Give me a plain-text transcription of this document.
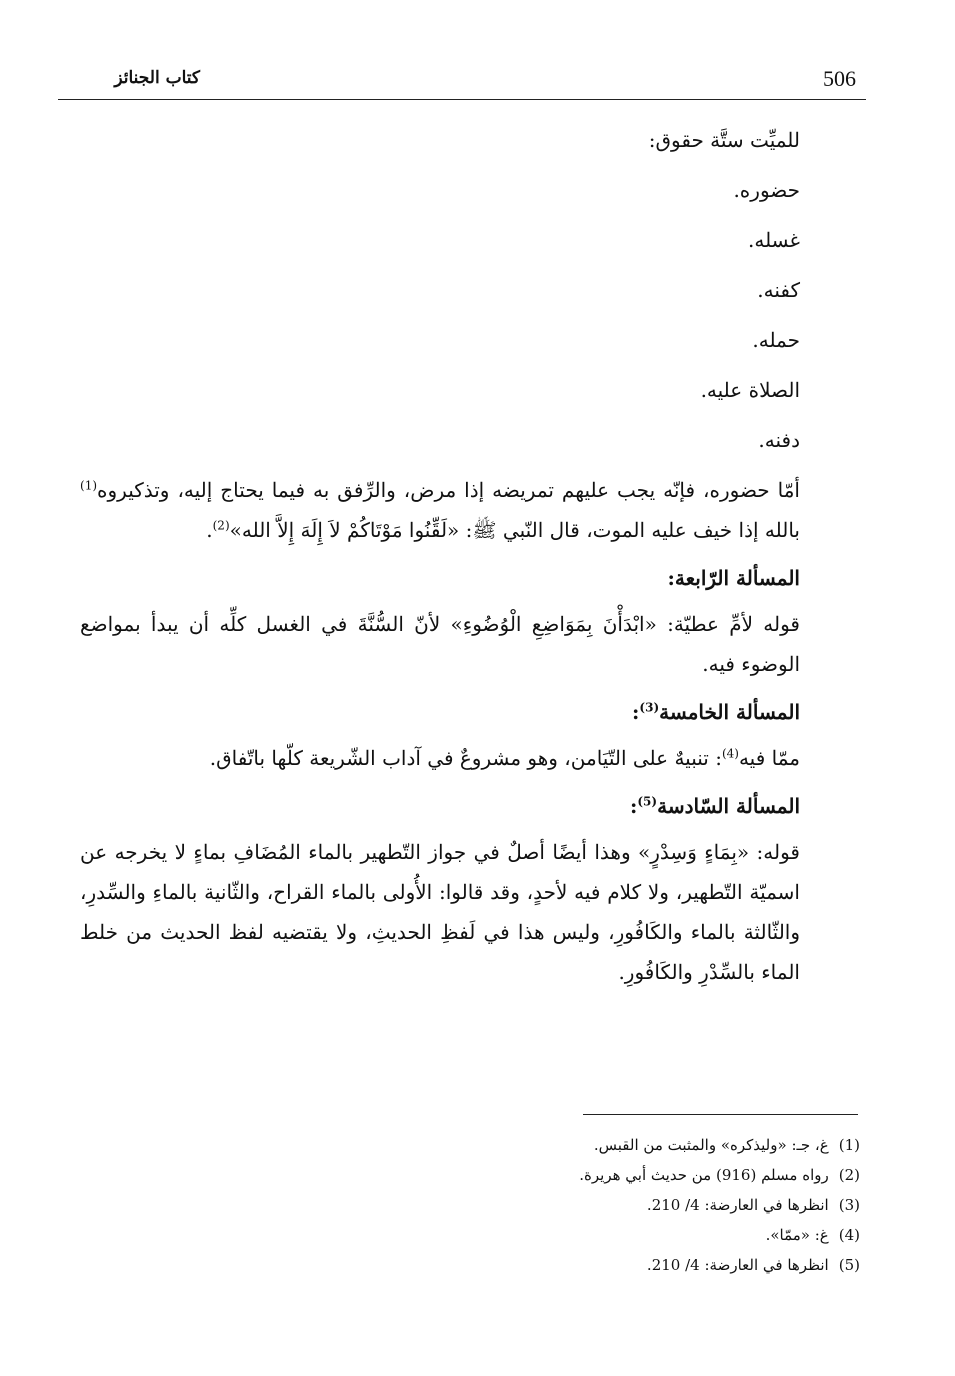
506
كتاب الجنائز

للميِّت ستَّة حقوق:

حضوره.

غسله.

كفنه.

حمله.

الصلاة عليه.

دفنه.

أمّا حضوره، فإنّه يجب عليهم تمريضه إذا مرض، والرِّفق به فيما يحتاج إليه، وتذكيروه$^{(1)}$ بالله إذا خيف عليه الموت، قال النّبي ﷺ: «لَقِّنُوا مَوْتَاكُمْ لاَ إِلَهَ إِلاَّ الله»$^{(2)}$.

المسألة الرّابعة:

قوله لأمِّ عطيّة: «ابْدَأْنَ بِمَوَاضِعِ الْوُضُوءِ» لأنّ السُّنَّةَ في الغسل كلِّه أن يبدأ بمواضع الوضوء فيه.

المسألة الخامسة$^{(3)}$:

ممّا فيه$^{(4)}$: تنبيهٌ على التّيَامن، وهو مشروعٌ في آداب الشّريعة كلّها باتّفاق.

المسألة السّادسة$^{(5)}$:

قوله: «بِمَاءٍ وَسِدْرٍ» وهذا أيضًا أصلٌ في جواز التّطهير بالماء المُضَافِ بماءٍ لا يخرجه عن اسميّة التّطهير، ولا كلام فيه لأحدٍ، وقد قالوا: الأُولى بالماء القراح، والثّانية بالماءِ والسِّدرِ، والثّالثة بالماء والكَافُورِ، وليس هذا في لَفظِ الحديثِ، ولا يقتضيه لفظ الحديث من خلط الماء بالسِّدْرِ والكَافُورِ.

(1)غ، جـ: «وليذكره» والمثبت من القبس.

(2)رواه مسلم (916) من حديث أبي هريرة.

(3)انظرها في العارضة: 4/ 210.

(4)غ: «ممّا».

(5)انظرها في العارضة: 4/ 210.
